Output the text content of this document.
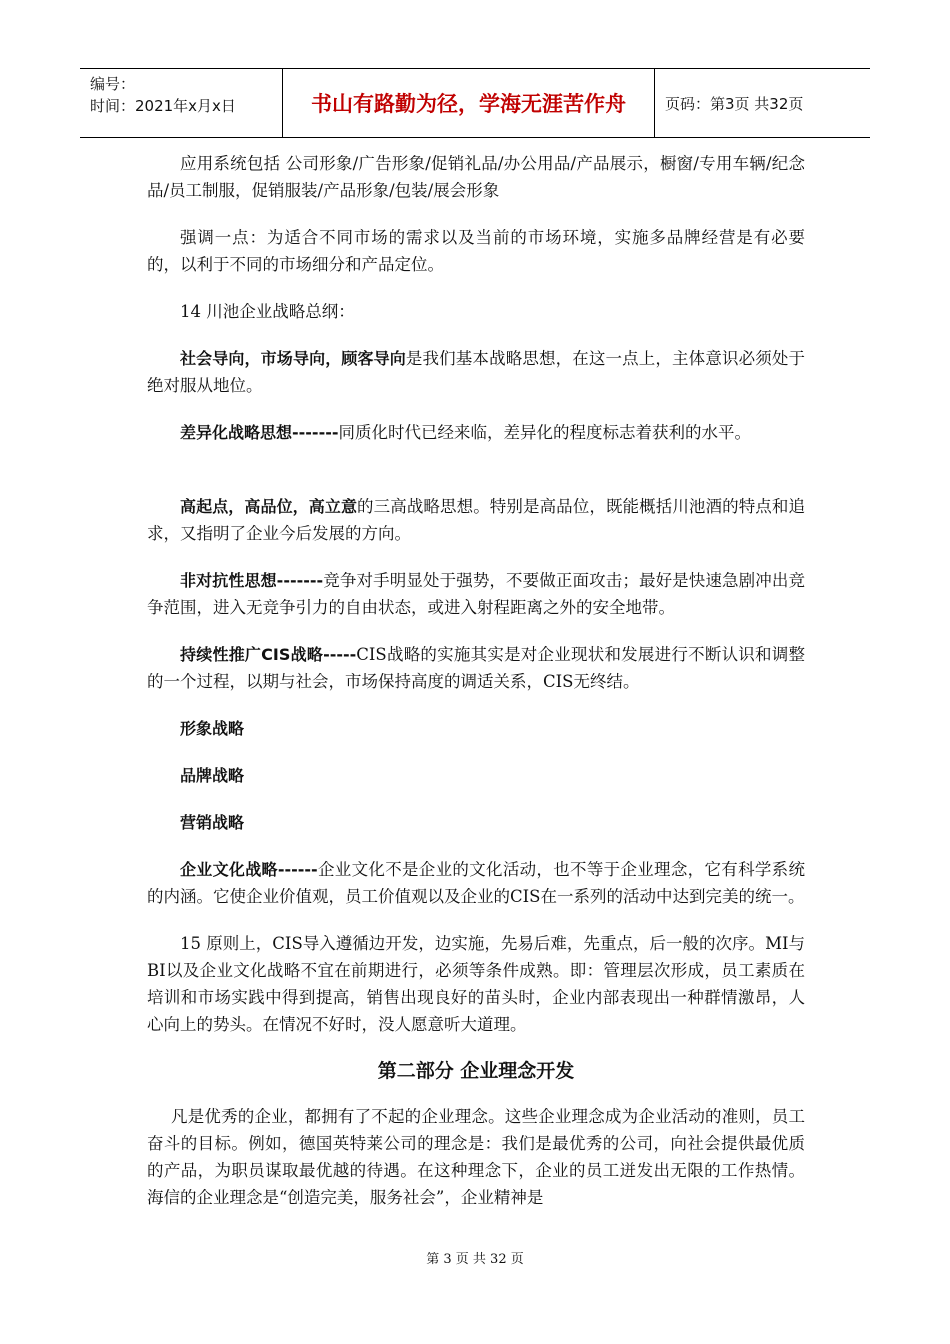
编号：
时间：2021年x月x日	书山有路勤为径，学海无涯苦作舟	页码：第3页 共32页

应用系统包括 公司形象/广告形象/促销礼品/办公用品/产品展示，橱窗/专用车辆/纪念品/员工制服，促销服装/产品形象/包装/展会形象

强调一点：为适合不同市场的需求以及当前的市场环境，实施多品牌经营是有必要的，以利于不同的市场细分和产品定位。

14 川池企业战略总纲：

社会导向，市场导向，顾客导向是我们基本战略思想，在这一点上，主体意识必须处于绝对服从地位。

差异化战略思想-------同质化时代已经来临，差异化的程度标志着获利的水平。

高起点，高品位，高立意的三高战略思想。特别是高品位，既能概括川池酒的特点和追求，又指明了企业今后发展的方向。

非对抗性思想-------竞争对手明显处于强势，不要做正面攻击；最好是快速急剧冲出竞争范围，进入无竞争引力的自由状态，或进入射程距离之外的安全地带。

持续性推广CIS战略-----CIS战略的实施其实是对企业现状和发展进行不断认识和调整的一个过程，以期与社会，市场保持高度的调适关系，CIS无终结。

形象战略

品牌战略

营销战略

企业文化战略------企业文化不是企业的文化活动，也不等于企业理念，它有科学系统的内涵。它使企业价值观，员工价值观以及企业的CIS在一系列的活动中达到完美的统一。

15 原则上，CIS导入遵循边开发，边实施，先易后难，先重点，后一般的次序。MI与BI以及企业文化战略不宜在前期进行，必须等条件成熟。即：管理层次形成，员工素质在培训和市场实践中得到提高，销售出现良好的苗头时，企业内部表现出一种群情激昂，人心向上的势头。在情况不好时，没人愿意听大道理。

第二部分 企业理念开发

凡是优秀的企业，都拥有了不起的企业理念。这些企业理念成为企业活动的准则，员工奋斗的目标。例如，德国英特莱公司的理念是：我们是最优秀的公司，向社会提供最优质的产品，为职员谋取最优越的待遇。在这种理念下，企业的员工迸发出无限的工作热情。海信的企业理念是“创造完美，服务社会”，企业精神是

第 3 页 共 32 页
